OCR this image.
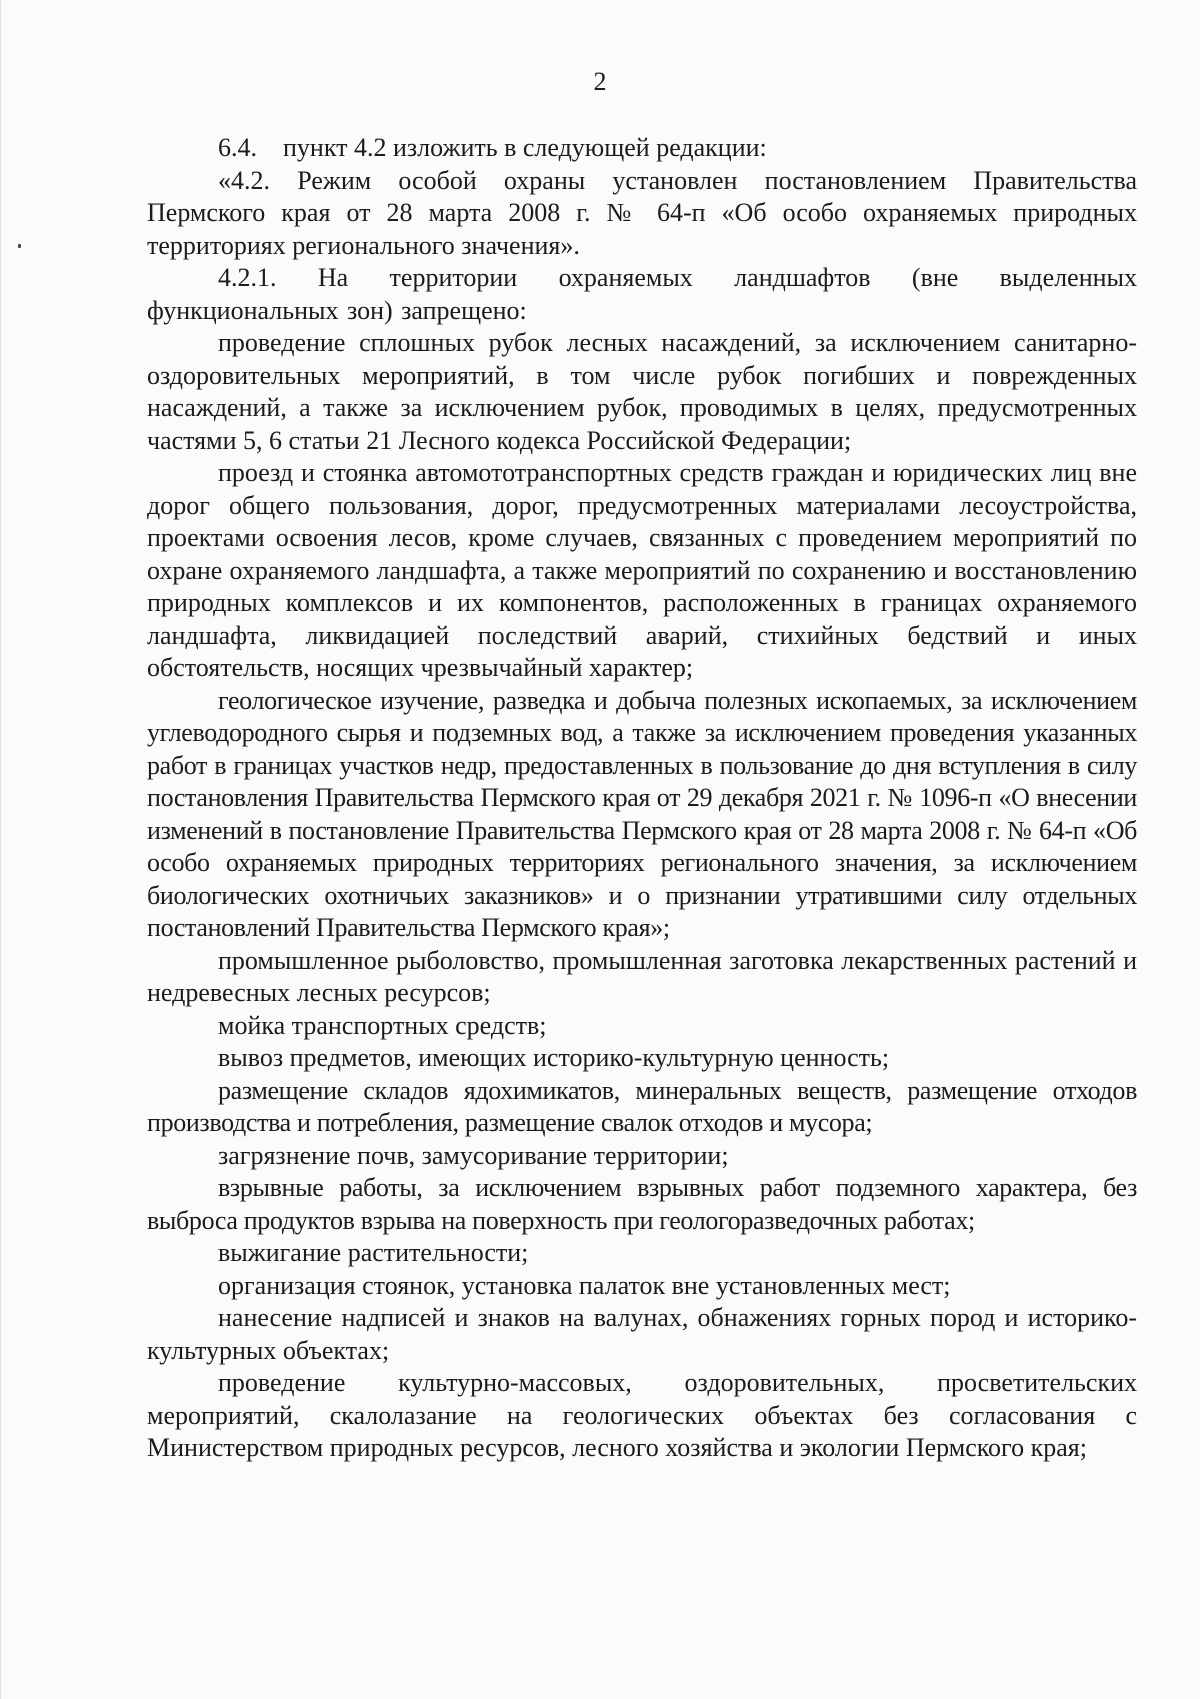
2

6.4.    пункт 4.2 изложить в следующей редакции:

«4.2. Режим особой охраны установлен постановлением Правительства Пермского края от 28 марта 2008 г. № 64-п «Об особо охраняемых природных территориях регионального значения».

4.2.1. На территории охраняемых ландшафтов (вне выделенных функциональных зон) запрещено:

проведение сплошных рубок лесных насаждений, за исключением санитарно-оздоровительных мероприятий, в том числе рубок погибших и поврежденных насаждений, а также за исключением рубок, проводимых в целях, предусмотренных частями 5, 6 статьи 21 Лесного кодекса Российской Федерации;

проезд и стоянка автомототранспортных средств граждан и юридических лиц вне дорог общего пользования, дорог, предусмотренных материалами лесоустройства, проектами освоения лесов, кроме случаев, связанных с проведением мероприятий по охране охраняемого ландшафта, а также мероприятий по сохранению и восстановлению природных комплексов и их компонентов, расположенных в границах охраняемого ландшафта, ликвидацией последствий аварий, стихийных бедствий и иных обстоятельств, носящих чрезвычайный характер;

геологическое изучение, разведка и добыча полезных ископаемых, за исключением углеводородного сырья и подземных вод, а также за исключением проведения указанных работ в границах участков недр, предоставленных в пользование до дня вступления в силу постановления Правительства Пермского края от 29 декабря 2021 г. № 1096-п «О внесении изменений в постановление Правительства Пермского края от 28 марта 2008 г. № 64-п «Об особо охраняемых природных территориях регионального значения, за исключением биологических охотничьих заказников» и о признании утратившими силу отдельных постановлений Правительства Пермского края»;

промышленное рыболовство, промышленная заготовка лекарственных растений и недревесных лесных ресурсов;

мойка транспортных средств;

вывоз предметов, имеющих историко-культурную ценность;

размещение складов ядохимикатов, минеральных веществ, размещение отходов производства и потребления, размещение свалок отходов и мусора;

загрязнение почв, замусоривание территории;

взрывные работы, за исключением взрывных работ подземного характера, без выброса продуктов взрыва на поверхность при геологоразведочных работах;

выжигание растительности;

организация стоянок, установка палаток вне установленных мест;

нанесение надписей и знаков на валунах, обнажениях горных пород и историко-культурных объектах;

проведение культурно-массовых, оздоровительных, просветительских мероприятий, скалолазание на геологических объектах без согласования с Министерством природных ресурсов, лесного хозяйства и экологии Пермского края;
